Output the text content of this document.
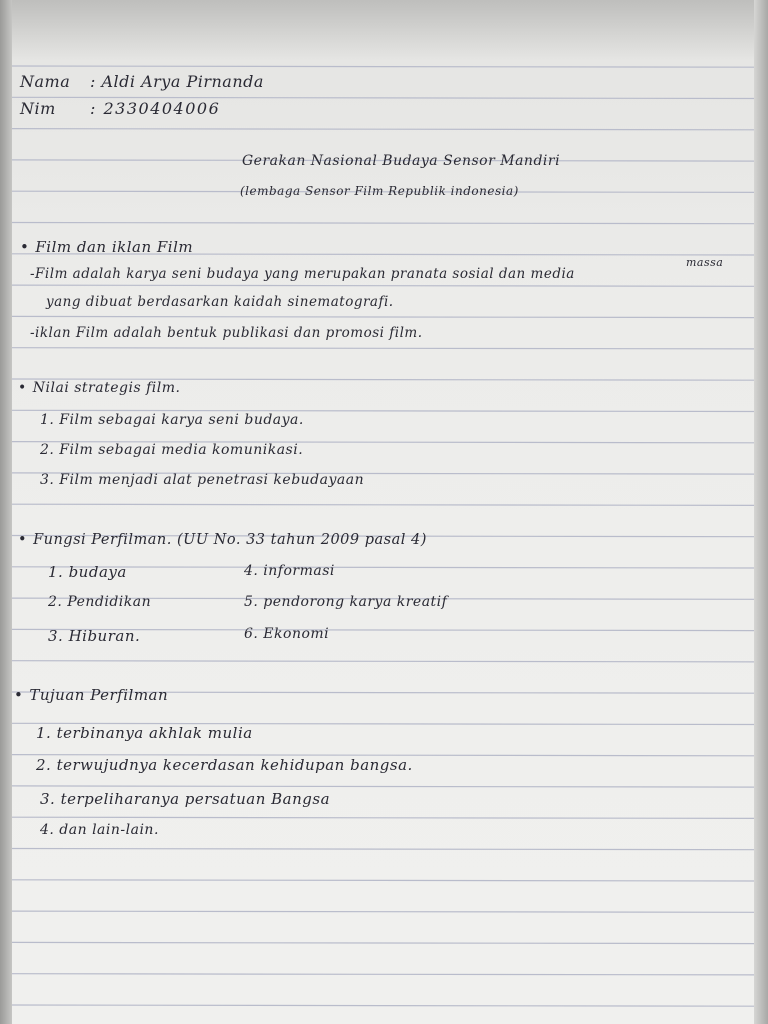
Nama : Aldi Arya Pirnanda
Nim : 2330404006
Gerakan Nasional Budaya Sensor Mandiri
(lembaga Sensor Film Republik indonesia)
• Film dan iklan Film
massa
-Film adalah karya seni budaya yang merupakan pranata sosial dan media
yang dibuat berdasarkan kaidah sinematografi.
-iklan Film adalah bentuk publikasi dan promosi film.
• Nilai strategis film.
1. Film sebagai karya seni budaya.
2. Film sebagai media komunikasi.
3. Film menjadi alat penetrasi kebudayaan
• Fungsi Perfilman. (UU No. 33 tahun 2009 pasal 4)
1. budaya
2. Pendidikan
3. Hiburan.
4. informasi
5. pendorong karya kreatif
6. Ekonomi
• Tujuan Perfilman
1. terbinanya akhlak mulia
2. terwujudnya kecerdasan kehidupan bangsa.
3. terpeliharanya persatuan Bangsa
4. dan lain-lain.
